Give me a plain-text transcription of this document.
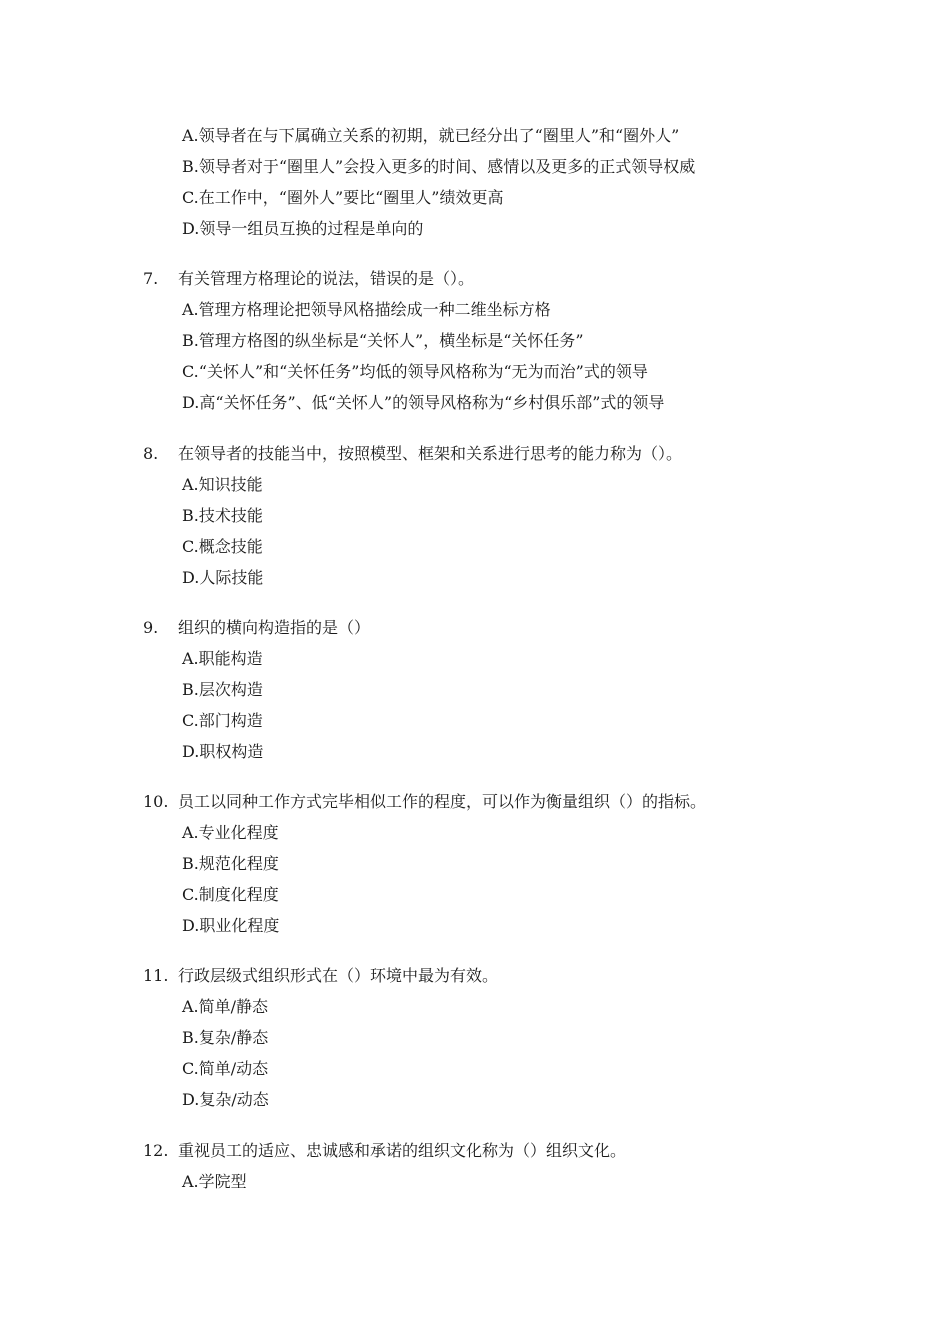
A.领导者在与下属确立关系的初期，就已经分出了“圈里人”和“圈外人”
B.领导者对于“圈里人”会投入更多的时间、感情以及更多的正式领导权威
C.在工作中，“圈外人”要比“圈里人”绩效更高
D.领导一组员互换的过程是单向的
7. 有关管理方格理论的说法，错误的是（）。
A.管理方格理论把领导风格描绘成一种二维坐标方格
B.管理方格图的纵坐标是“关怀人”，横坐标是“关怀任务”
C.“关怀人”和“关怀任务”均低的领导风格称为“无为而治”式的领导
D.高“关怀任务”、低“关怀人”的领导风格称为“乡村俱乐部”式的领导
8. 在领导者的技能当中，按照模型、框架和关系进行思考的能力称为（）。
A.知识技能
B.技术技能
C.概念技能
D.人际技能
9. 组织的横向构造指的是（）
A.职能构造
B.层次构造
C.部门构造
D.职权构造
10. 员工以同种工作方式完毕相似工作的程度，可以作为衡量组织（）的指标。
A.专业化程度
B.规范化程度
C.制度化程度
D.职业化程度
11. 行政层级式组织形式在（）环境中最为有效。
A.简单/静态
B.复杂/静态
C.简单/动态
D.复杂/动态
12. 重视员工的适应、忠诚感和承诺的组织文化称为（）组织文化。
A.学院型
